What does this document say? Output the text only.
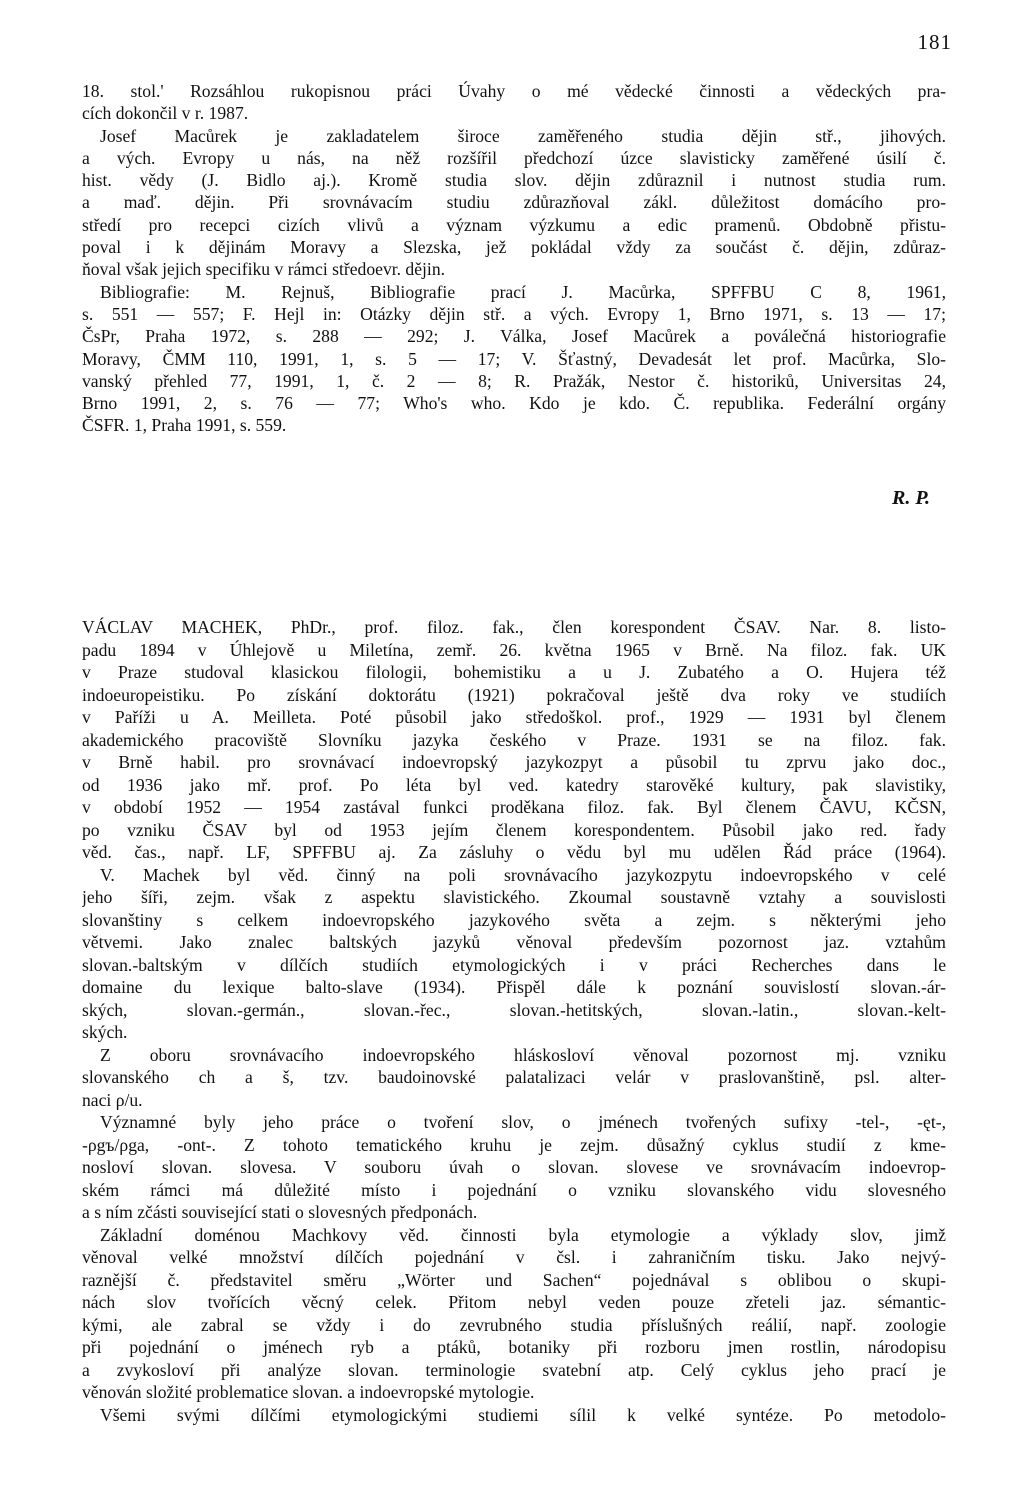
181
18. stol.' Rozsáhlou rukopisnou práci Úvahy o mé vědecké činnosti a vědeckých pra-
cích dokončil v r. 1987.
Josef Macůrek je zakladatelem široce zaměřeného studia dějin stř., jihových.
a vých. Evropy u nás, na něž rozšířil předchozí úzce slavisticky zaměřené úsilí č.
hist. vědy (J. Bidlo aj.). Kromě studia slov. dějin zdůraznil i nutnost studia rum.
a maď. dějin. Při srovnávacím studiu zdůrazňoval zákl. důležitost domácího pro-
středí pro recepci cizích vlivů a význam výzkumu a edic pramenů. Obdobně přistu-
poval i k dějinám Moravy a Slezska, jež pokládal vždy za součást č. dějin, zdůraz-
ňoval však jejich specifiku v rámci středoevr. dějin.
Bibliografie: M. Rejnuš, Bibliografie prací J. Macůrka, SPFFBU C 8, 1961,
s. 551 — 557; F. Hejl in: Otázky dějin stř. a vých. Evropy 1, Brno 1971, s. 13 — 17;
ČsPr, Praha 1972, s. 288 — 292; J. Válka, Josef Macůrek a poválečná historiografie
Moravy, ČMM 110, 1991, 1, s. 5 — 17; V. Šťastný, Devadesát let prof. Macůrka, Slo-
vanský přehled 77, 1991, 1, č. 2 — 8; R. Pražák, Nestor č. historiků, Universitas 24,
Brno 1991, 2, s. 76 — 77; Who's who. Kdo je kdo. Č. republika. Federální orgány
ČSFR. 1, Praha 1991, s. 559.
R. P.
VÁCLAV MACHEK, PhDr., prof. filoz. fak., člen korespondent ČSAV. Nar. 8. listo-
padu 1894 v Úhlejově u Miletína, zemř. 26. května 1965 v Brně. Na filoz. fak. UK
v Praze studoval klasickou filologii, bohemistiku a u J. Zubatého a O. Hujera též
indoeuropeistiku. Po získání doktorátu (1921) pokračoval ještě dva roky ve studiích
v Paříži u A. Meilleta. Poté působil jako středoškol. prof., 1929 — 1931 byl členem
akademického pracoviště Slovníku jazyka českého v Praze. 1931 se na filoz. fak.
v Brně habil. pro srovnávací indoevropský jazykozpyt a působil tu zprvu jako doc.,
od 1936 jako mř. prof. Po léta byl ved. katedry starověké kultury, pak slavistiky,
v období 1952 — 1954 zastával funkci proděkana filoz. fak. Byl členem ČAVU, KČSN,
po vzniku ČSAV byl od 1953 jejím členem korespondentem. Působil jako red. řady
věd. čas., např. LF, SPFFBU aj. Za zásluhy o vědu byl mu udělen Řád práce (1964).
V. Machek byl věd. činný na poli srovnávacího jazykozpytu indoevropského v celé
jeho šíři, zejm. však z aspektu slavistického. Zkoumal soustavně vztahy a souvislosti
slovanštiny s celkem indoevropského jazykového světa a zejm. s některými jeho
větvemi. Jako znalec baltských jazyků věnoval především pozornost jaz. vztahům
slovan.-baltským v dílčích studiích etymologických i v práci Recherches dans le
domaine du lexique balto-slave (1934). Přispěl dále k poznání souvislostí slovan.-ár-
ských, slovan.-germán., slovan.-řec., slovan.-hetitských, slovan.-latin., slovan.-kelt-
ských.
Z oboru srovnávacího indoevropského hláskosloví věnoval pozornost mj. vzniku
slovanského ch a š, tzv. baudoinovské palatalizaci velár v praslovanštině, psl. alter-
naci ρ/u.
Významné byly jeho práce o tvoření slov, o jménech tvořených sufixy -tel-, -ęt-,
-ρgъ/ρga, -ont-. Z tohoto tematického kruhu je zejm. důsažný cyklus studií z kme-
nosloví slovan. slovesa. V souboru úvah o slovan. slovese ve srovnávacím indoevrop-
ském rámci má důležité místo i pojednání o vzniku slovanského vidu slovesného
a s ním zčásti související stati o slovesných předponách.
Základní doménou Machkovy věd. činnosti byla etymologie a výklady slov, jimž
věnoval velké množství dílčích pojednání v čsl. i zahraničním tisku. Jako nejvý-
raznější č. představitel směru „Wörter und Sachen“ pojednával s oblibou o skupi-
nách slov tvořících věcný celek. Přitom nebyl veden pouze zřeteli jaz. sémantic-
kými, ale zabral se vždy i do zevrubného studia příslušných reálií, např. zoologie
při pojednání o jménech ryb a ptáků, botaniky při rozboru jmen rostlin, národopisu
a zvykosloví při analýze slovan. terminologie svatební atp. Celý cyklus jeho prací je
věnován složité problematice slovan. a indoevropské mytologie.
Všemi svými dílčími etymologickými studiemi sílil k velké syntéze. Po metodolo-
